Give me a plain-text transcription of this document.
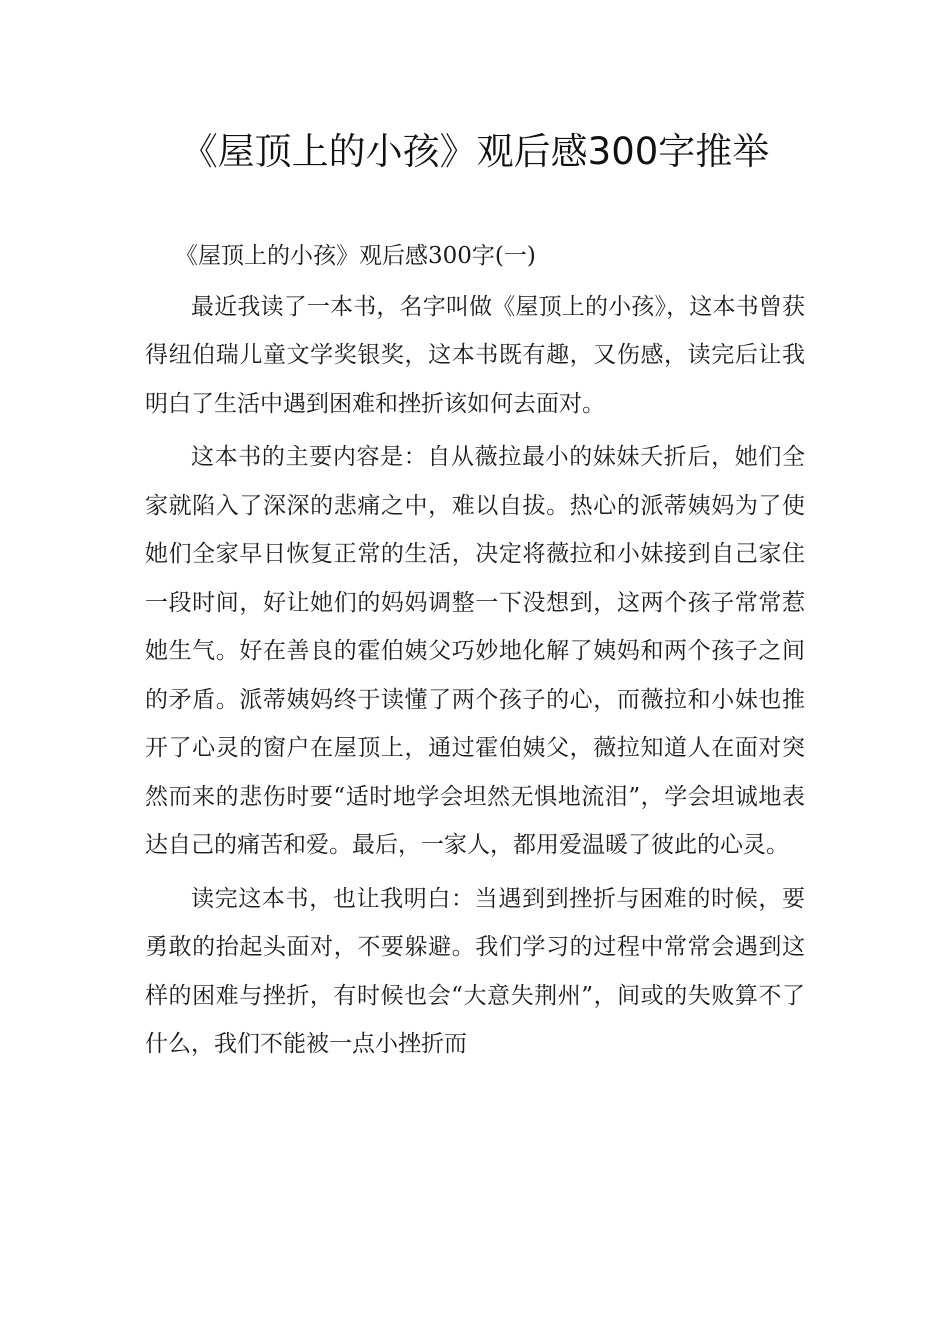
《屋顶上的小孩》观后感300字推举

《屋顶上的小孩》观后感300字(一)

最近我读了一本书，名字叫做《屋顶上的小孩》，这本书曾获得纽伯瑞儿童文学奖银奖，这本书既有趣，又伤感，读完后让我明白了生活中遇到困难和挫折该如何去面对。

这本书的主要内容是：自从薇拉最小的妹妹夭折后，她们全家就陷入了深深的悲痛之中，难以自拔。热心的派蒂姨妈为了使她们全家早日恢复正常的生活，决定将薇拉和小妹接到自己家住一段时间，好让她们的妈妈调整一下没想到，这两个孩子常常惹她生气。好在善良的霍伯姨父巧妙地化解了姨妈和两个孩子之间的矛盾。派蒂姨妈终于读懂了两个孩子的心，而薇拉和小妹也推开了心灵的窗户在屋顶上，通过霍伯姨父，薇拉知道人在面对突然而来的悲伤时要“适时地学会坦然无惧地流泪”，学会坦诚地表达自己的痛苦和爱。最后，一家人，都用爱温暖了彼此的心灵。

读完这本书，也让我明白：当遇到到挫折与困难的时候，要勇敢的抬起头面对，不要躲避。我们学习的过程中常常会遇到这样的困难与挫折，有时候也会“大意失荆州”，间或的失败算不了什么，我们不能被一点小挫折而
